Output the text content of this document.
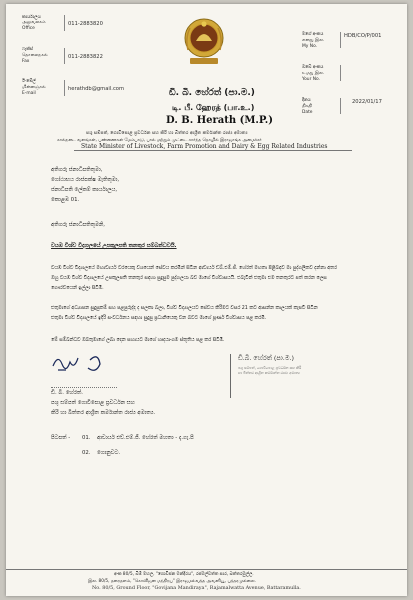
කාර්යාලය
அலுவலகம்
Office
011-2883820
ෆැක්ස්
தொலைநகல்
Fax
011-2883822
ඊ-මේල්
மின்னஞ்சல்
E-mail
herathdb@gmail.com
මගේ අංකය
எனது இல.
My No.
HDB/CO/P/001
ඔබේ අංකය
உமது இல.
Your No.
දිනය
திகதி
Date
2022/01/17
ඩී. බී. හේරත් (පා.ම.)
டி. பீ. ஹேரத் (பா.உ.)
D. B. Herath (M.P.)
පශු සම්පත්, ගොවිපොළ ප්‍රවර්ධන සහ කිරි හා බිත්තර ආශ්‍රිත කර්මාන්ත රාජ්‍ය අමාත්‍ය
கால்நடை வளங்கள், பண்ணைகள் மேம்பாடு, பால் மற்றும் முட்டை சார்ந்த தொழில் இராஜாங்க அமைச்சர்
State Minister of Livestock, Farm Promotion and Dairy & Egg Related Industries
අතිගරු ජනාධිපතිතුමා,
ගෝඨාභය රාජපක්ෂ මැතිතුමා,
ජනාධිපති ලේකම් කාර්යාලය,
කොළඹ 01.
අතිගරු ජනාධිපතිතුමනි,
වයඹ විශ්ව විද්‍යාලයේ උපකුලපති තනතුර සම්බන්ධවයි.
වයඹ විශ්ව විද්‍යාලයේ මහාචාර්ය වරයෙකු වශයෙන් සේවය කරමින් සිටින ආචාර්ය ඩබ්.එම්.ජී. හේරත් මහතා පිළිබඳව මා පුද්ගලිකව දන්නා අතර
ඔහු වයඹ විශ්ව විද්‍යාලයේ උපකුලපති තනතුර සඳහා සුදුසුම පුද්ගලයා බව මාගේ විශ්වාසයයි. එබැවින් එතුමා එම තනතුරට පත් කරන ලෙස
ගෞරවයෙන් ඉල්ලා සිටිමි.
එතුමාගේ අධ්‍යාපන සුදුසුකම් සහ පළපුරුද්ද ද සලකා බලා, විශ්ව විද්‍යාලයට සේවය කිරීමට වසර 21 කට ආසන්න කාලයක් කැපවී සිටින
එතුමා විශ්ව විද්‍යාලයේ ඉදිරි සංවර්ධනය සඳහා සුදුසු ප්‍රධානියෙකු වන බවට මාගේ පූර්ණ විශ්වාසය පළ කරමි.
මේ සම්බන්ධව ඔබතුමාගේ ලබා දෙන සහායට මාගේ හෘදයාංගම ස්තූතිය පළ කර සිටිමි.
ඩී.බී. හේරත් (පා.ම.)
පශු සම්පත්, ගොවිපොළ ප්‍රවර්ධන සහ කිරි හා බිත්තර ආශ්‍රිත කර්මාන්ත රාජ්‍ය අමාත්‍ය
ඩී. බී. හේරත්.
පශු සම්පත් ගොවිපොළ ප්‍රවර්ධන සහ
කිරි හා බිත්තර ආශ්‍රිත කර්මාන්ත රාජ්‍ය අමාත්‍ය.
පිටපත් - 01. ආචාර්ය එච්.එම්.ජී. හේරත් මහතා - දැ.ගැ.පි
02. ගොනුවට.
අංක 80/5, බිම් මහල, "ගොවිජන මන්දිරය", රජමල්වත්ත පාර, බත්තරමුල්ල.
இல. 80/5, தரைதளம், "கொவிஜன மந்திரய" இராஜமல்வத்த அவனியூ, பத்தரமுல்லை.
No. 80/5, Ground Floor, "Govijana Mandiraya", Rajamalwatta Avenue, Battaramulla.
